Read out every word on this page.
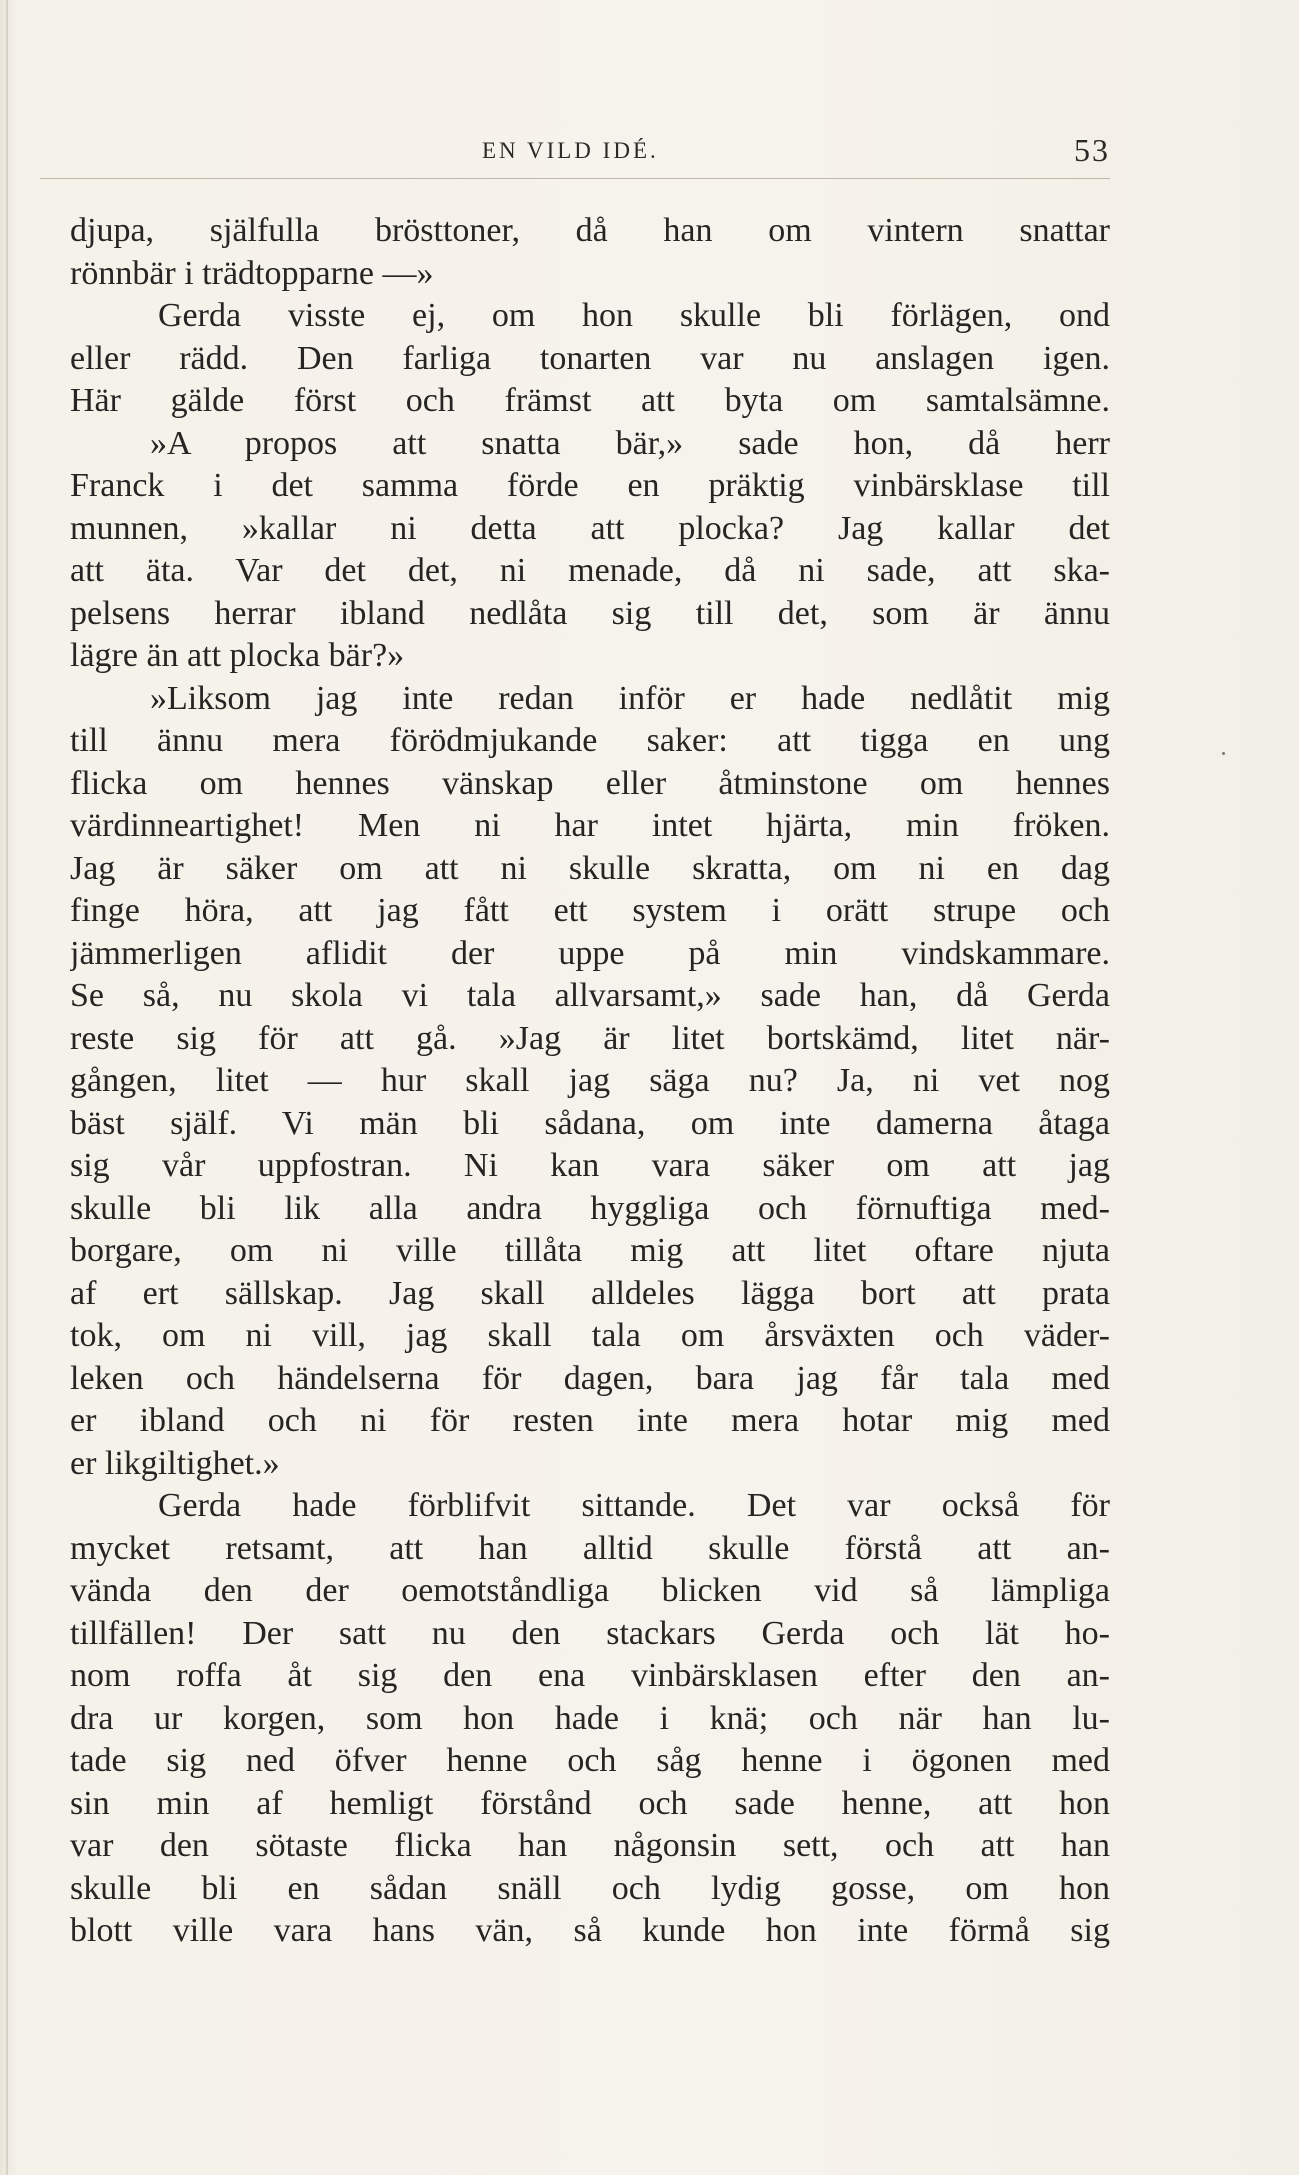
EN VILD IDÉ.	53
djupa, själfulla brösttoner, då han om vintern snattar
rönnbär i trädtopparne —»
Gerda visste ej, om hon skulle bli förlägen, ond
eller rädd. Den farliga tonarten var nu anslagen igen.
Här gälde först och främst att byta om samtalsämne.
»A propos att snatta bär,» sade hon, då herr
Franck i det samma förde en präktig vinbärsklase till
munnen, »kallar ni detta att plocka? Jag kallar det
att äta. Var det det, ni menade, då ni sade, att ska-
pelsens herrar ibland nedlåta sig till det, som är ännu
lägre än att plocka bär?»
»Liksom jag inte redan inför er hade nedlåtit mig
till ännu mera förödmjukande saker: att tigga en ung
flicka om hennes vänskap eller åtminstone om hennes
värdinneartighet! Men ni har intet hjärta, min fröken.
Jag är säker om att ni skulle skratta, om ni en dag
finge höra, att jag fått ett system i orätt strupe och
jämmerligen aflidit der uppe på min vindskammare.
Se så, nu skola vi tala allvarsamt,» sade han, då Gerda
reste sig för att gå. »Jag är litet bortskämd, litet när-
gången, litet — hur skall jag säga nu? Ja, ni vet nog
bäst själf. Vi män bli sådana, om inte damerna åtaga
sig vår uppfostran. Ni kan vara säker om att jag
skulle bli lik alla andra hyggliga och förnuftiga med-
borgare, om ni ville tillåta mig att litet oftare njuta
af ert sällskap. Jag skall alldeles lägga bort att prata
tok, om ni vill, jag skall tala om årsväxten och väder-
leken och händelserna för dagen, bara jag får tala med
er ibland och ni för resten inte mera hotar mig med
er likgiltighet.»
Gerda hade förblifvit sittande. Det var också för
mycket retsamt, att han alltid skulle förstå att an-
vända den der oemotståndliga blicken vid så lämpliga
tillfällen! Der satt nu den stackars Gerda och lät ho-
nom roffa åt sig den ena vinbärsklasen efter den an-
dra ur korgen, som hon hade i knä; och när han lu-
tade sig ned öfver henne och såg henne i ögonen med
sin min af hemligt förstånd och sade henne, att hon
var den sötaste flicka han någonsin sett, och att han
skulle bli en sådan snäll och lydig gosse, om hon
blott ville vara hans vän, så kunde hon inte förmå sig
